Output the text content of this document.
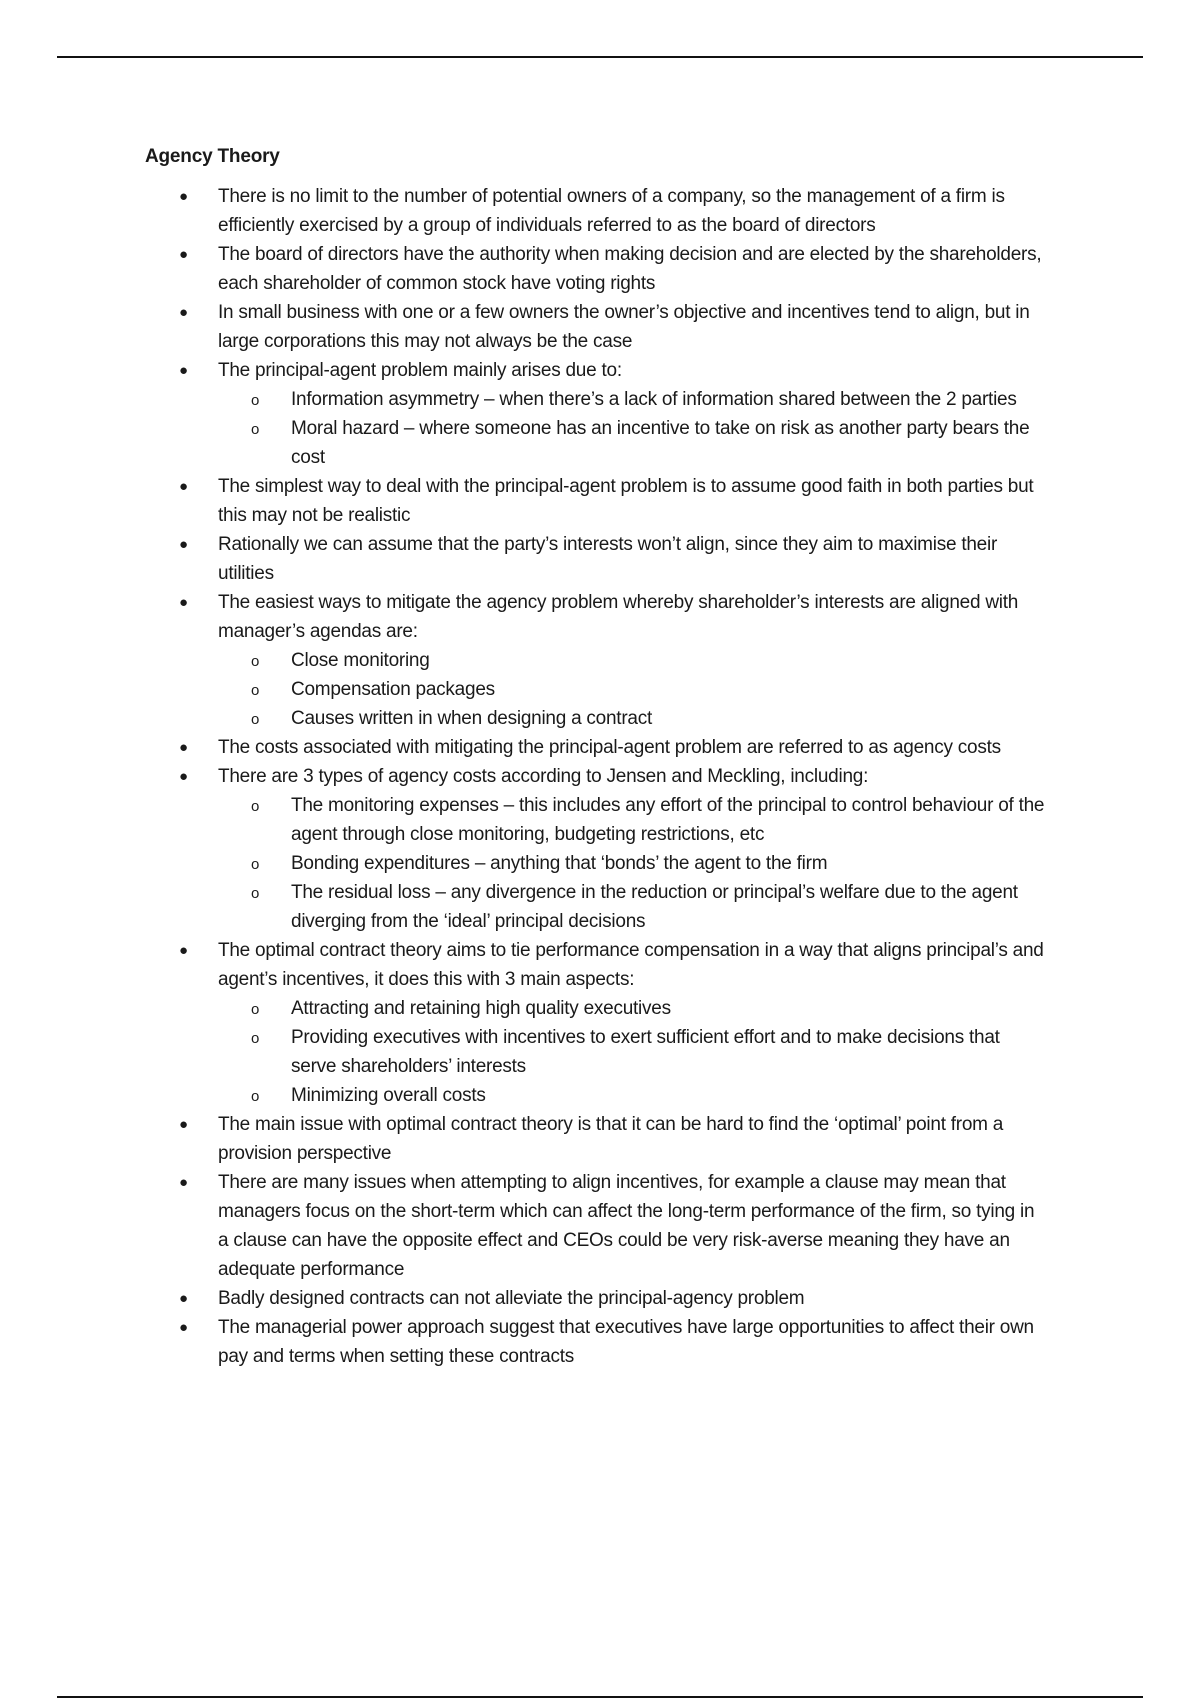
Agency Theory
● There is no limit to the number of potential owners of a company, so the management of a firm is efficiently exercised by a group of individuals referred to as the board of directors
● The board of directors have the authority when making decision and are elected by the shareholders, each shareholder of common stock have voting rights
● In small business with one or a few owners the owner’s objective and incentives tend to align, but in large corporations this may not always be the case
● The principal-agent problem mainly arises due to:
o Information asymmetry – when there’s a lack of information shared between the 2 parties
o Moral hazard – where someone has an incentive to take on risk as another party bears the cost
● The simplest way to deal with the principal-agent problem is to assume good faith in both parties but this may not be realistic
● Rationally we can assume that the party’s interests won’t align, since they aim to maximise their utilities
● The easiest ways to mitigate the agency problem whereby shareholder’s interests are aligned with manager’s agendas are:
o Close monitoring
o Compensation packages
o Causes written in when designing a contract
● The costs associated with mitigating the principal-agent problem are referred to as agency costs
● There are 3 types of agency costs according to Jensen and Meckling, including:
o The monitoring expenses – this includes any effort of the principal to control behaviour of the agent through close monitoring, budgeting restrictions, etc
o Bonding expenditures – anything that ‘bonds’ the agent to the firm
o The residual loss – any divergence in the reduction or principal’s welfare due to the agent diverging from the ‘ideal’ principal decisions
● The optimal contract theory aims to tie performance compensation in a way that aligns principal’s and agent’s incentives, it does this with 3 main aspects:
o Attracting and retaining high quality executives
o Providing executives with incentives to exert sufficient effort and to make decisions that serve shareholders’ interests
o Minimizing overall costs
● The main issue with optimal contract theory is that it can be hard to find the ‘optimal’ point from a provision perspective
● There are many issues when attempting to align incentives, for example a clause may mean that managers focus on the short-term which can affect the long-term performance of the firm, so tying in a clause can have the opposite effect and CEOs could be very risk-averse meaning they have an adequate performance
● Badly designed contracts can not alleviate the principal-agency problem
● The managerial power approach suggest that executives have large opportunities to affect their own pay and terms when setting these contracts
